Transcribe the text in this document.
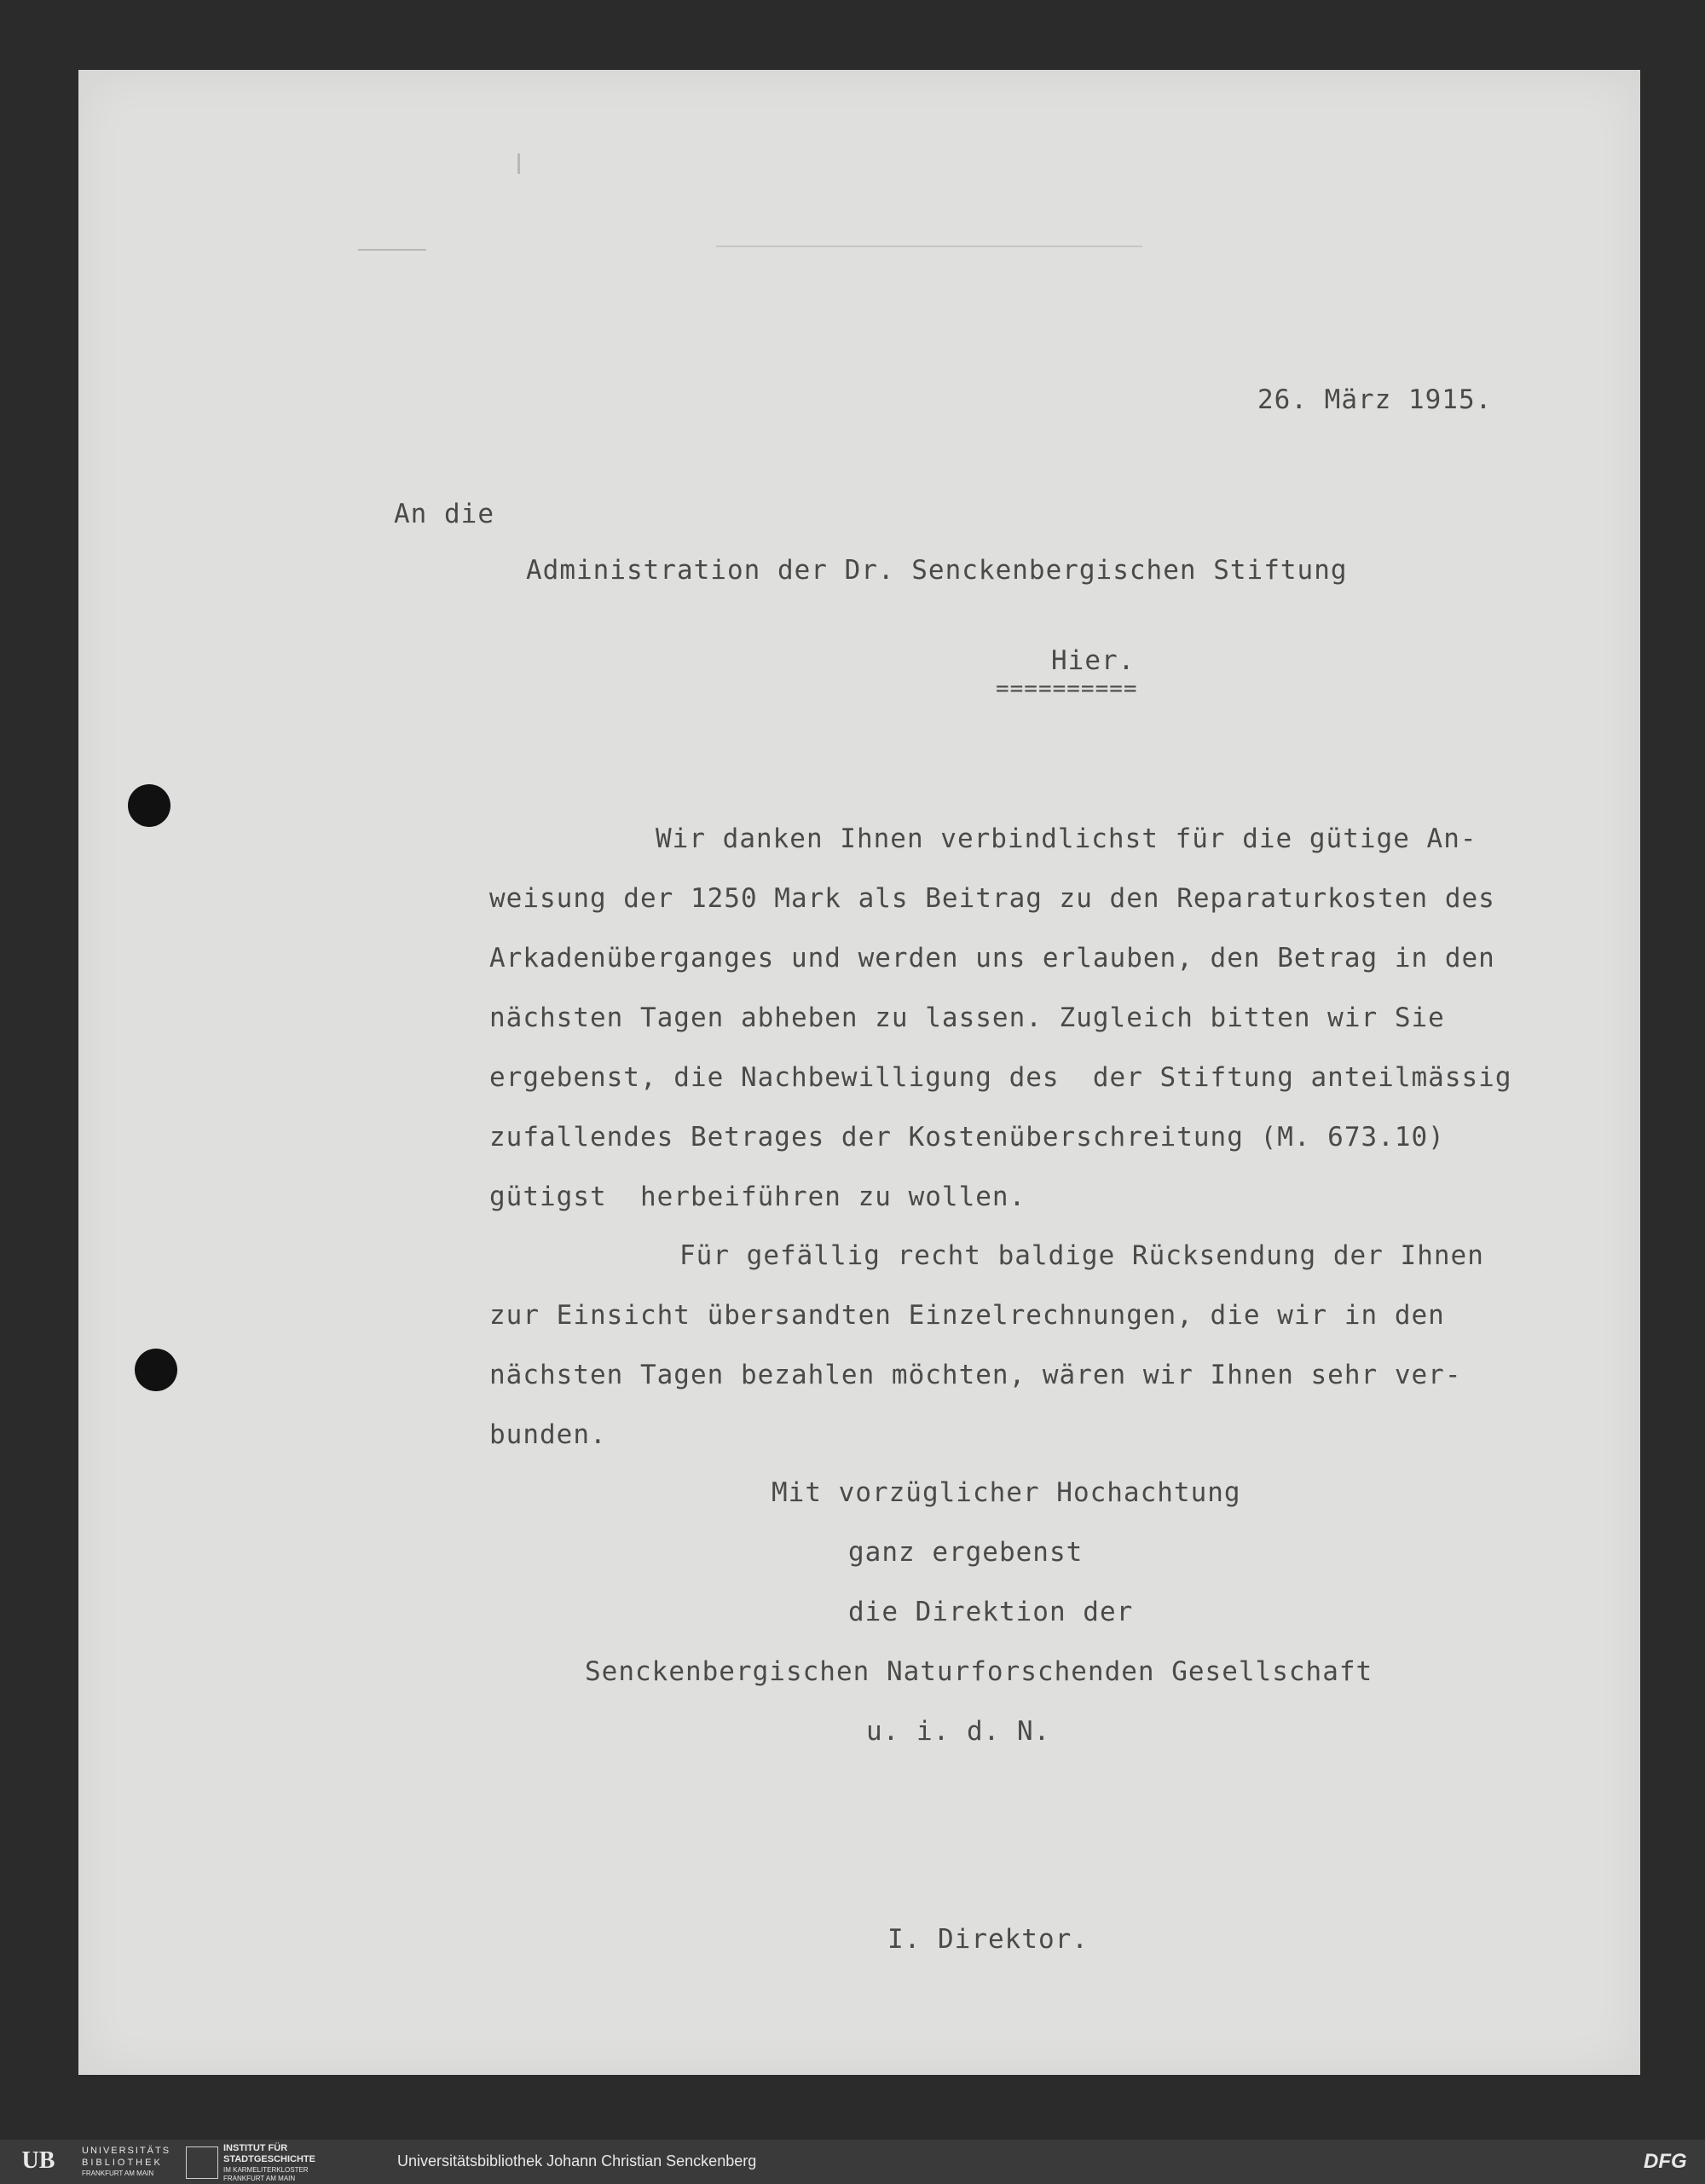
26. März 1915.
An die
Administration der Dr. Senckenbergischen Stiftung
Hier.
==========
Wir danken Ihnen verbindlichst für die gütige An-
weisung der 1250 Mark als Beitrag zu den Reparaturkosten des
Arkadenüberganges und werden uns erlauben, den Betrag in den
nächsten Tagen abheben zu lassen. Zugleich bitten wir Sie
ergebenst, die Nachbewilligung des  der Stiftung anteilmässig
zufallendes Betrages der Kostenüberschreitung (M. 673.10)
gütigst  herbeiführen zu wollen.
Für gefällig recht baldige Rücksendung der Ihnen
zur Einsicht übersandten Einzelrechnungen, die wir in den
nächsten Tagen bezahlen möchten, wären wir Ihnen sehr ver-
bunden.
Mit vorzüglicher Hochachtung
ganz ergebenst
die Direktion der
Senckenbergischen Naturforschenden Gesellschaft
u. i. d. N.
I. Direktor.
UB	UNIVERSITÄTS
BIBLIOTHEK
FRANKFURT AM MAIN
INSTITUT FÜR
STADTGESCHICHTE
IM KARMELITERKLOSTER
FRANKFURT AM MAIN
Universitätsbibliothek Johann Christian Senckenberg	DFG
